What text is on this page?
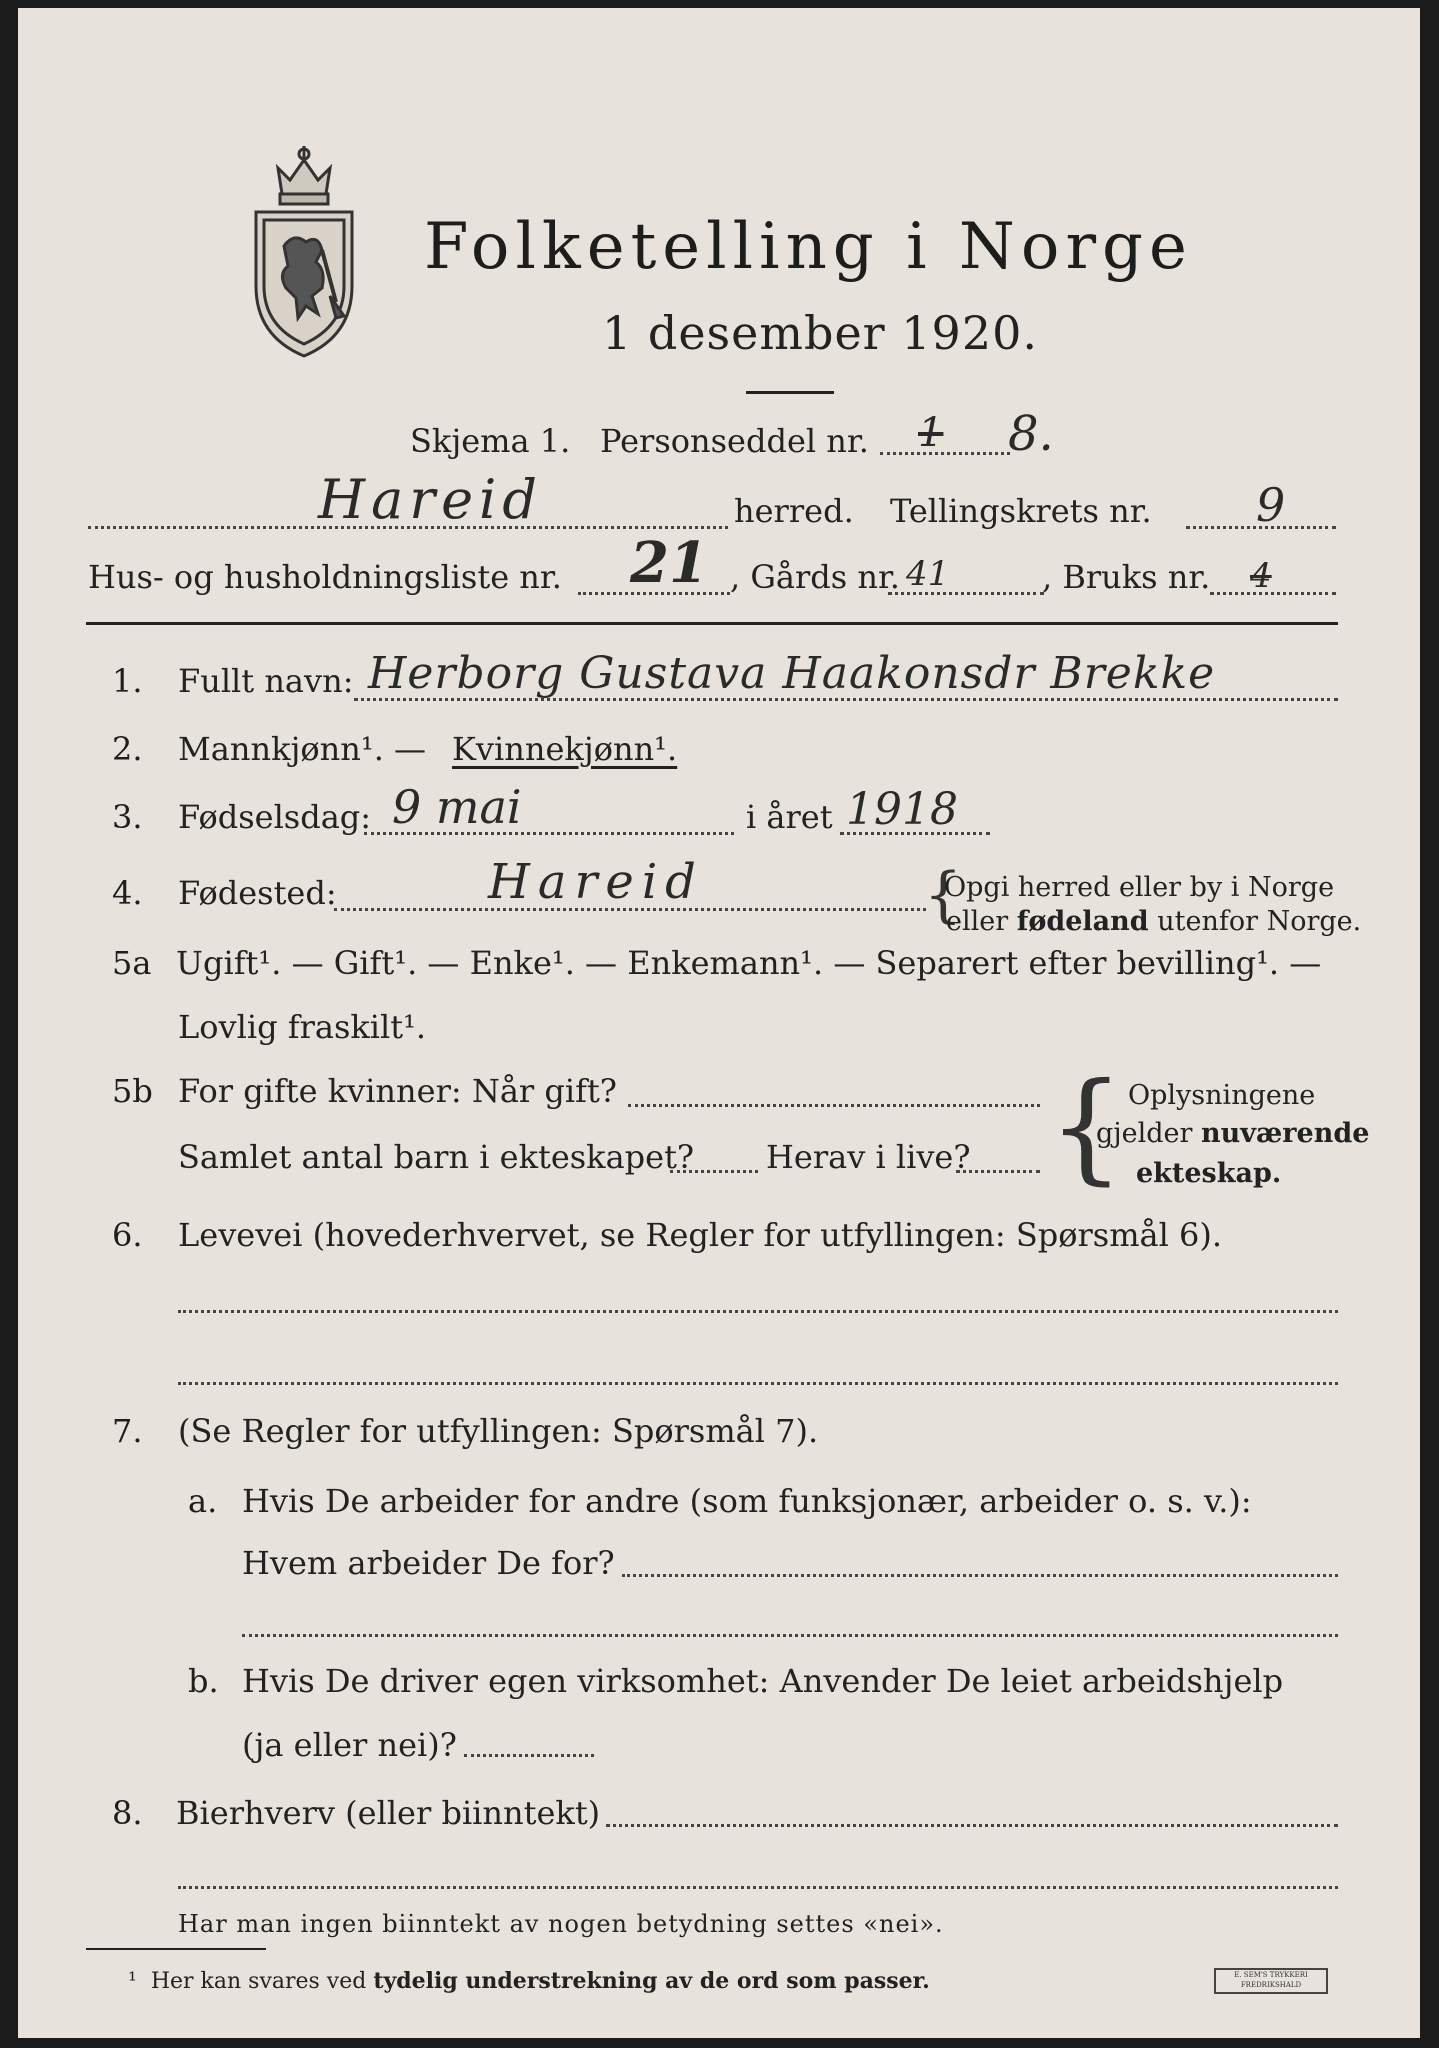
Folketelling i Norge
1 desember 1920.
Skjema 1. Personseddel nr. 1 8.
Hareid	herred. Tellingskrets nr. 9
Hus- og husholdningsliste nr. 21 , Gårds nr. 41	, Bruks nr. 4
1. Fullt navn: Herborg Gustava Haakonsdr Brekke
2. Mannkjønn¹. — Kvinnekjønn¹.
3. Fødselsdag: 9 mai	i året 1918
4. Fødested:	Hareid	{
Opgi herred eller by i Norge
eller fødeland utenfor Norge.
5a Ugift¹. — Gift¹. — Enke¹. — Enkemann¹. — Separert efter bevilling¹. —
Lovlig fraskilt¹.
5b For gifte kvinner: Når gift?
Samlet antal barn i ekteskapet? Herav i live? { Oplysningene
gjelder nuværende
ekteskap.
6. Levevei (hovederhvervet, se Regler for utfyllingen: Spørsmål 6).
7. (Se Regler for utfyllingen: Spørsmål 7).
a. Hvis De arbeider for andre (som funksjonær, arbeider o. s. v.):
Hvem arbeider De for?
b. Hvis De driver egen virksomhet: Anvender De leiet arbeidshjelp
(ja eller nei)?
8. Bierhverv (eller biinntekt)
Har man ingen biinntekt av nogen betydning settes «nei».
¹ Her kan svares ved tydelig understrekning av de ord som passer.	E. SEM'S TRYKKERI
FREDRIKSHALD
